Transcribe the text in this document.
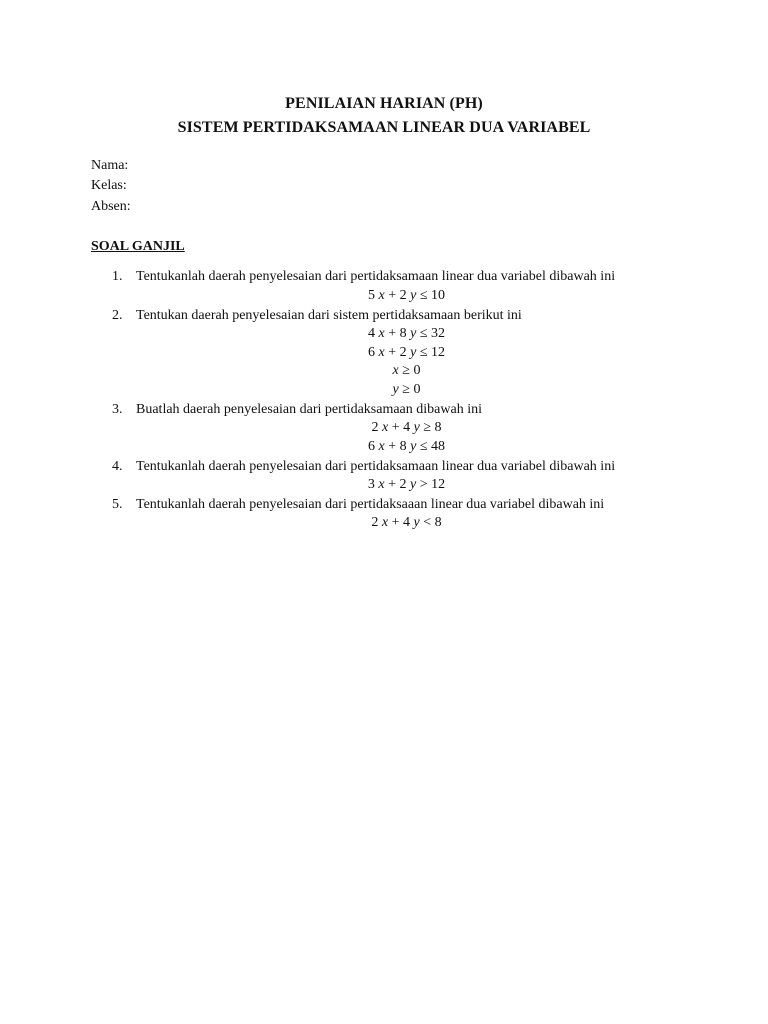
PENILAIAN HARIAN (PH)
SISTEM PERTIDAKSAMAAN LINEAR DUA VARIABEL
Nama:
Kelas:
Absen:
SOAL GANJIL
1. Tentukanlah daerah penyelesaian dari pertidaksamaan linear dua variabel dibawah ini
5 x + 2 y ≤ 10
2. Tentukan daerah penyelesaian dari sistem pertidaksamaan berikut ini
4 x + 8 y ≤ 32
6 x + 2 y ≤ 12
x ≥ 0
y ≥ 0
3. Buatlah daerah penyelesaian dari pertidaksamaan dibawah ini
2 x + 4 y ≥ 8
6 x + 8 y ≤ 48
4. Tentukanlah daerah penyelesaian dari pertidaksamaan linear dua variabel dibawah ini
3 x + 2 y > 12
5. Tentukanlah daerah penyelesaian dari pertidaksaaan linear dua variabel dibawah ini
2 x + 4 y < 8
